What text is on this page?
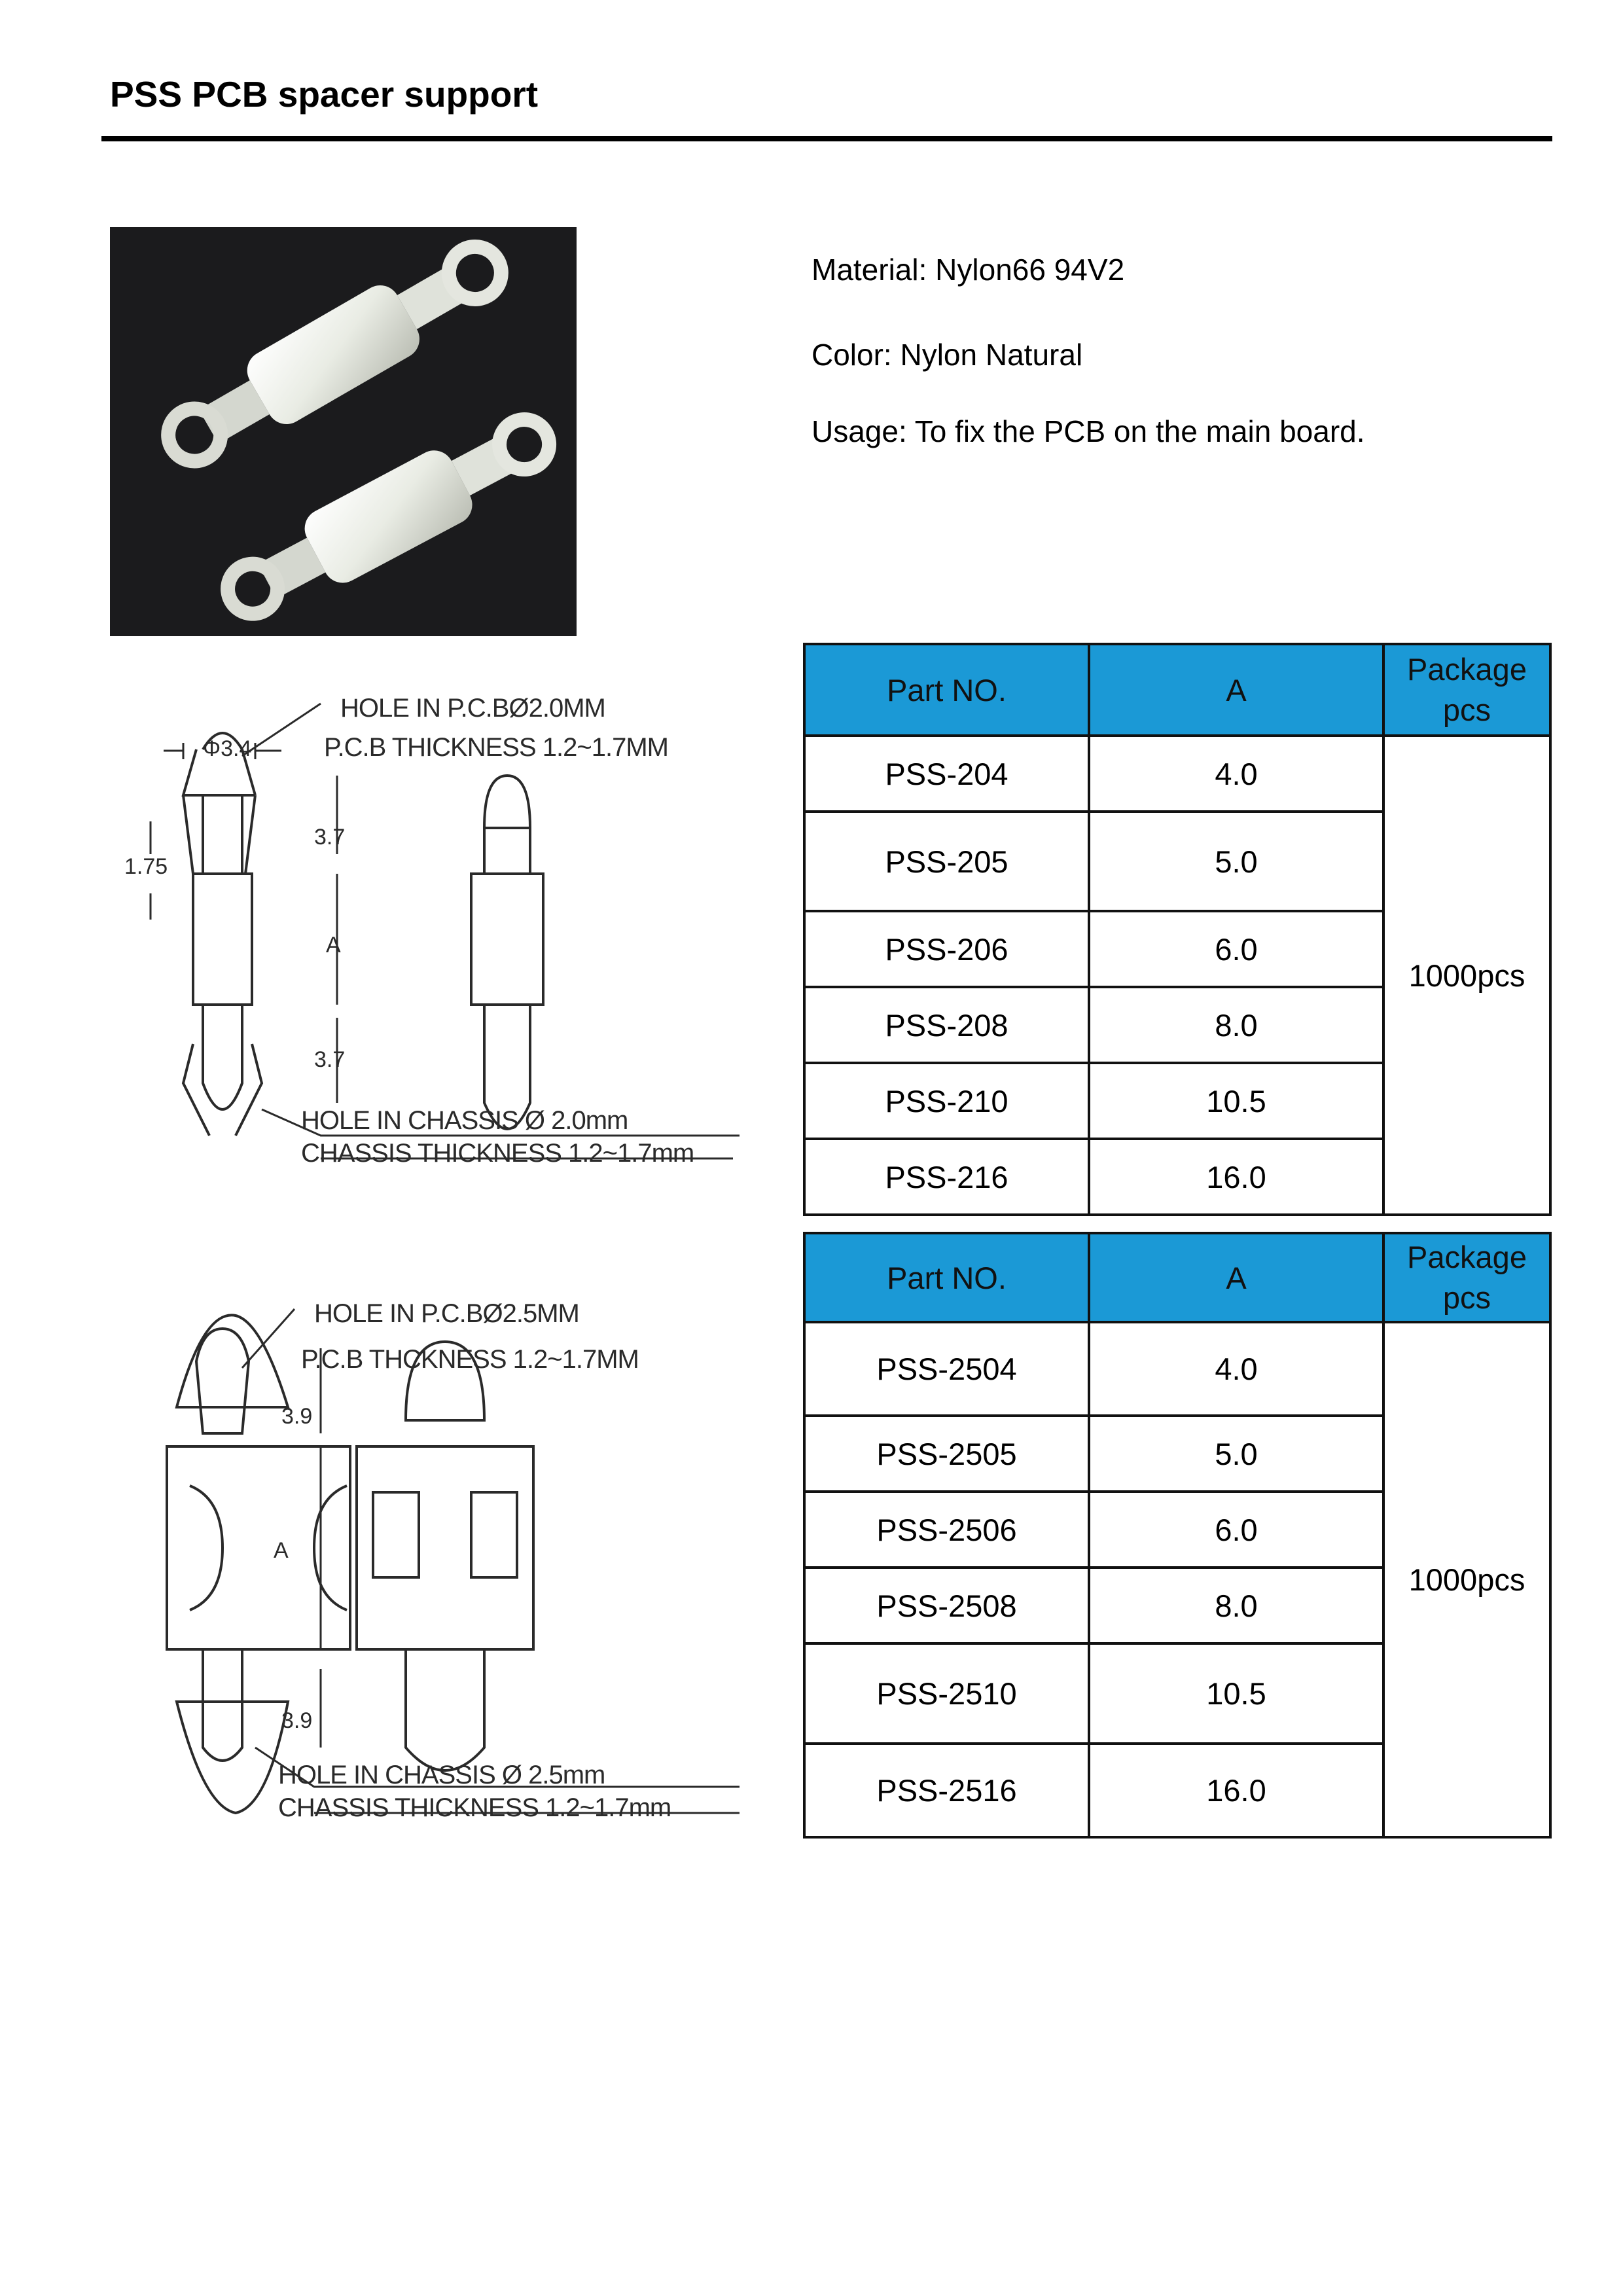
PSS PCB spacer support
Material: Nylon66 94V2
Color: Nylon Natural
Usage: To fix the PCB on the main board.
HOLE IN P.C.BØ2.0MM
P.C.B THICKNESS 1.2~1.7MM
Φ3.4
1.75
3.7
A
3.7
HOLE IN CHASSIS Ø 2.0mm
CHASSIS THICKNESS 1.2~1.7mm
HOLE IN P.C.BØ2.5MM
P.C.B THCKNESS 1.2~1.7MM
3.9
A
3.9
HOLE IN CHASSIS Ø 2.5mm
CHASSIS THICKNESS 1.2~1.7mm
Part NO.	A	Package pcs
PSS-204	4.0	1000pcs
PSS-205	5.0	
PSS-206	6.0	
PSS-208	8.0	
PSS-210	10.5	
PSS-216	16.0	
Part NO.	A	Package pcs
PSS-2504	4.0	1000pcs
PSS-2505	5.0	
PSS-2506	6.0	
PSS-2508	8.0	
PSS-2510	10.5	
PSS-2516	16.0	
